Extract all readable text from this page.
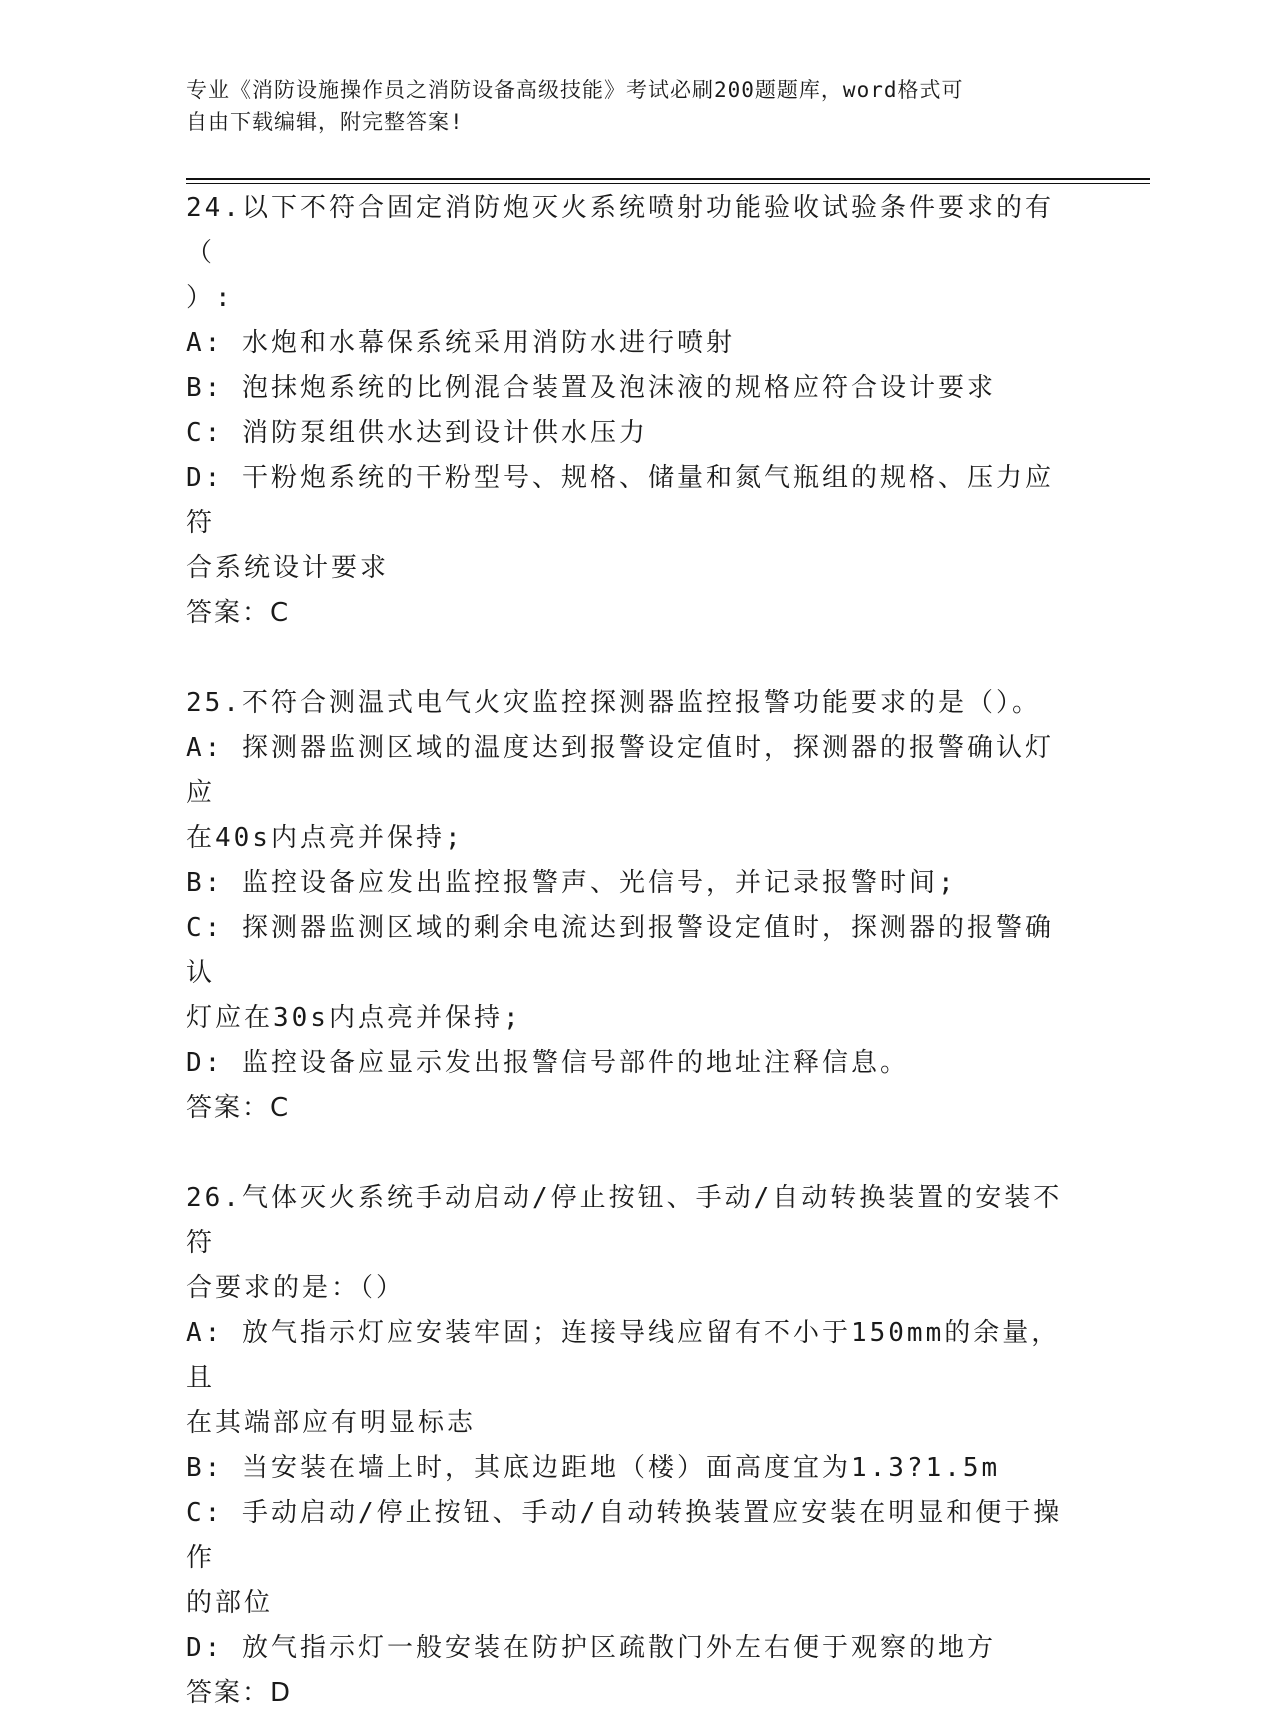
专业《消防设施操作员之消防设备高级技能》考试必刷200题题库，word格式可
自由下载编辑，附完整答案!

24.以下不符合固定消防炮灭火系统喷射功能验收试验条件要求的有（

）:

A: 水炮和水幕保系统采用消防水进行喷射

B: 泡抹炮系统的比例混合装置及泡沫液的规格应符合设计要求

C: 消防泵组供水达到设计供水压力

D: 干粉炮系统的干粉型号、规格、储量和氮气瓶组的规格、压力应符

合系统设计要求

答案：C

25.不符合测温式电气火灾监控探测器监控报警功能要求的是（）。

A: 探测器监测区域的温度达到报警设定值时，探测器的报警确认灯应

在40s内点亮并保持;

B: 监控设备应发出监控报警声、光信号，并记录报警时间;

C: 探测器监测区域的剩余电流达到报警设定值时，探测器的报警确认

灯应在30s内点亮并保持;

D: 监控设备应显示发出报警信号部件的地址注释信息。

答案：C

26.气体灭火系统手动启动/停止按钮、手动/自动转换装置的安装不符

合要求的是：（）

A: 放气指示灯应安装牢固；连接导线应留有不小于150mm的余量，且

在其端部应有明显标志

B: 当安装在墙上时，其底边距地（楼）面高度宜为1.3?1.5m

C: 手动启动/停止按钮、手动/自动转换装置应安装在明显和便于操作

的部位

D: 放气指示灯一般安装在防护区疏散门外左右便于观察的地方

答案：D
